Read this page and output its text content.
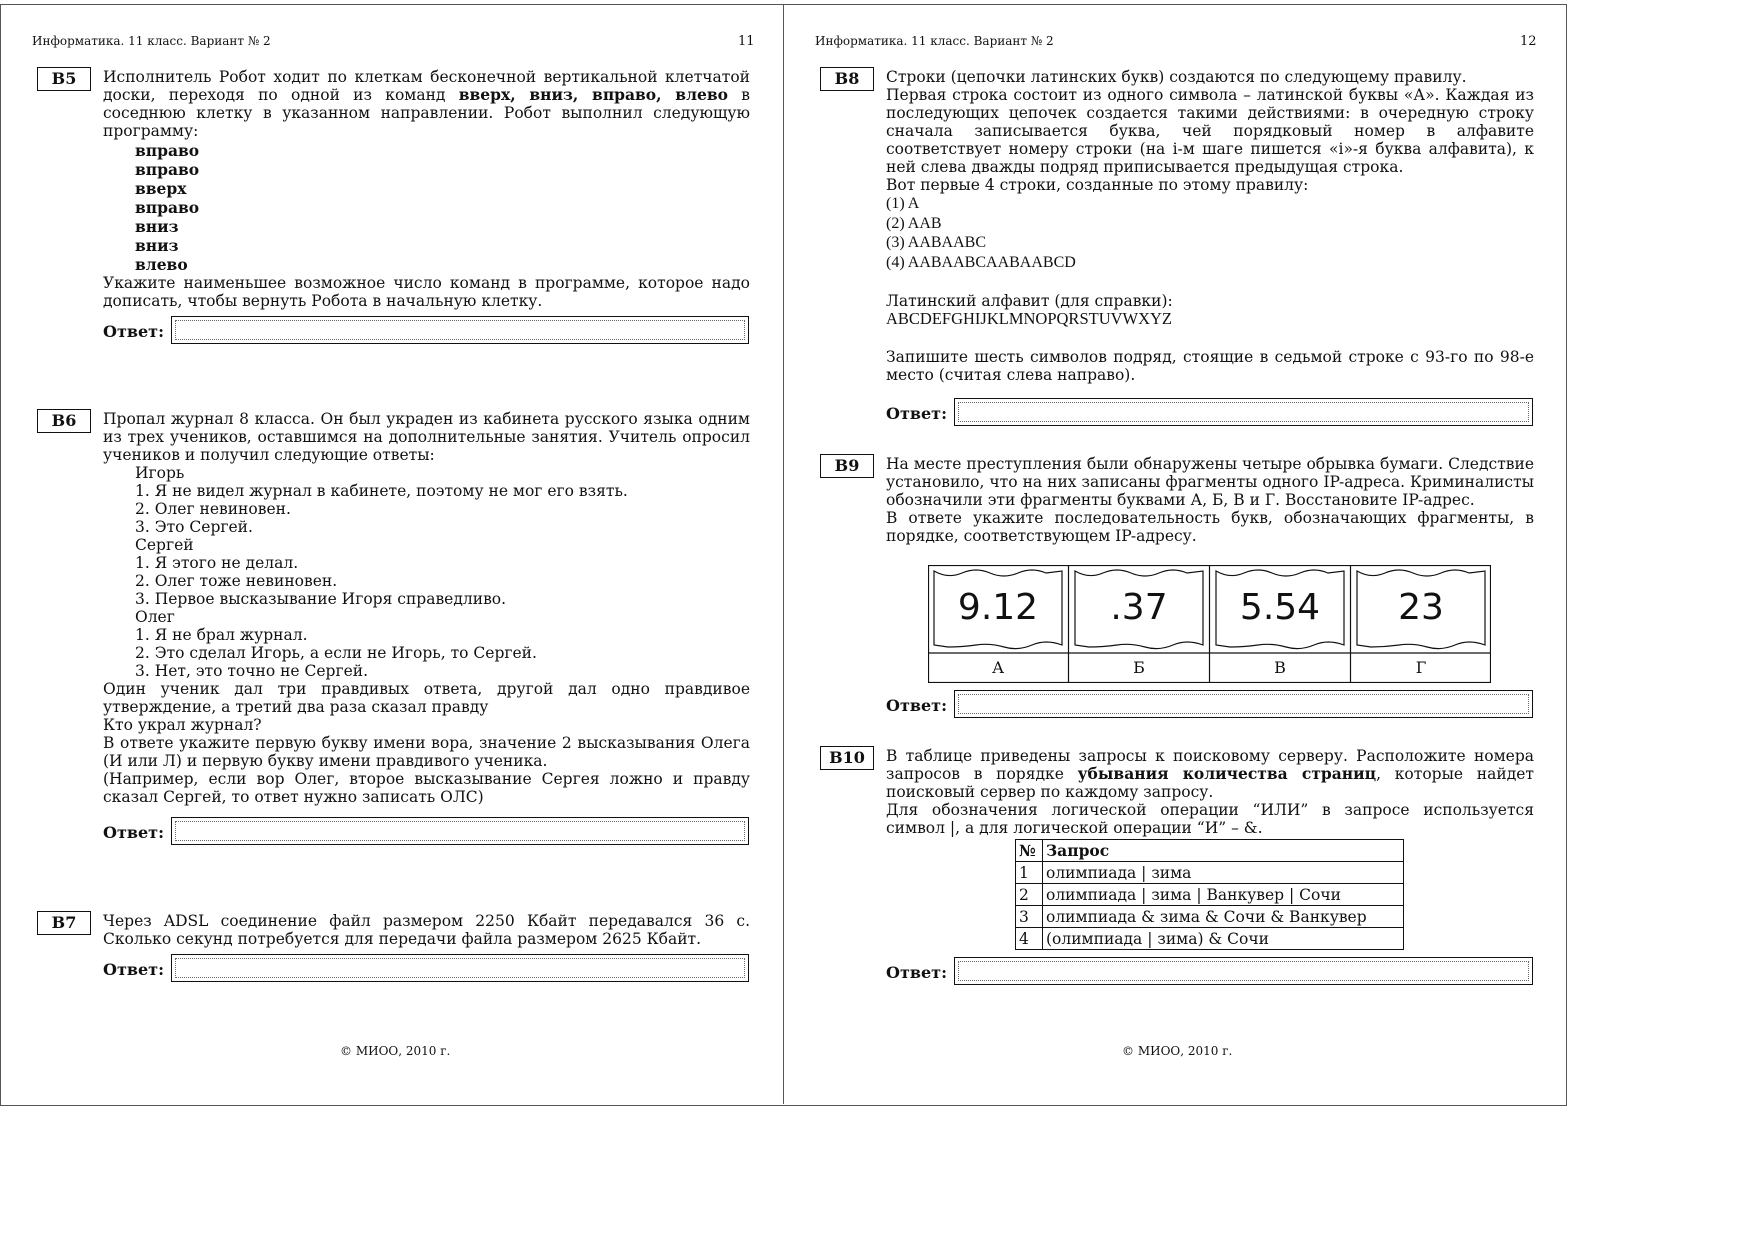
Информатика. 11 класс. Вариант № 2	11
B5	Исполнитель Робот ходит по клеткам бесконечной вертикальной клетчатой доски, переходя по одной из команд вверх, вниз, вправо, влево в соседнюю клетку в указанном направлении. Робот выполнил следующую программу:

вправо
вправо
вверх
вправо
вниз
вниз
влево

Укажите наименьшее возможное число команд в программе, которое надо дописать, чтобы вернуть Робота в начальную клетку.

Ответ:
B6	Пропал журнал 8 класса. Он был украден из кабинета русского языка одним из трех учеников, оставшимся на дополнительные занятия. Учитель опросил учеников и получил следующие ответы:

Игорь
1. Я не видел журнал в кабинете, поэтому не мог его взять.
2. Олег невиновен.
3. Это Сергей.
Сергей
1. Я этого не делал.
2. Олег тоже невиновен.
3. Первое высказывание Игоря справедливо.
Олег
1. Я не брал журнал.
2. Это сделал Игорь, а если не Игорь, то Сергей.
3. Нет, это точно не Сергей.

Один ученик дал три правдивых ответа, другой дал одно правдивое утверждение, а третий два раза сказал правду

Кто украл журнал?

В ответе укажите первую букву имени вора, значение 2 высказывания Олега (И или Л) и первую букву имени правдивого ученика.

(Например, если вор Олег, второе высказывание Сергея ложно и правду сказал Сергей, то ответ нужно записать ОЛС)

Ответ:
B7	Через ADSL соединение файл размером 2250 Кбайт передавался 36 с. Сколько секунд потребуется для передачи файла размером 2625 Кбайт.

Ответ:
© МИОО, 2010 г.
Информатика. 11 класс. Вариант № 2	12
B8	Строки (цепочки латинских букв) создаются по следующему правилу.

Первая строка состоит из одного символа – латинской буквы «А». Каждая из последующих цепочек создается такими действиями: в очередную строку сначала записывается буква, чей порядковый номер в алфавите соответствует номеру строки (на i-м шаге пишется «i»-я буква алфавита), к ней слева дважды подряд приписывается предыдущая строка.

Вот первые 4 строки, созданные по этому правилу:

(1) A
(2) AAB
(3) AABAABC
(4) AABAABCAABAABCD

Латинский алфавит (для справки):

ABCDEFGHIJKLMNOPQRSTUVWXYZ

Запишите шесть символов подряд, стоящие в седьмой строке с 93-го по 98-е место (считая слева направо).

Ответ:
B9	На месте преступления были обнаружены четыре обрывка бумаги. Следствие установило, что на них записаны фрагменты одного IP-адреса. Криминалисты обозначили эти фрагменты буквами А, Б, В и Г. Восстановите IP-адрес.

В ответе укажите последовательность букв, обозначающих фрагменты, в порядке, соответствующем IP-адресу.

9.12	.37	5.54	23
А	Б	В	Г
Ответ:
B10	В таблице приведены запросы к поисковому серверу. Расположите номера запросов в порядке убывания количества страниц, которые найдет поисковый сервер по каждому запросу.

Для обозначения логической операции “ИЛИ” в запросе используется символ |, а для логической операции “И” – &.

№	Запрос
1	олимпиада | зима
2	олимпиада | зима | Ванкувер | Сочи
3	олимпиада & зима & Сочи & Ванкувер
4	(олимпиада | зима) & Сочи
Ответ:
© МИОО, 2010 г.
